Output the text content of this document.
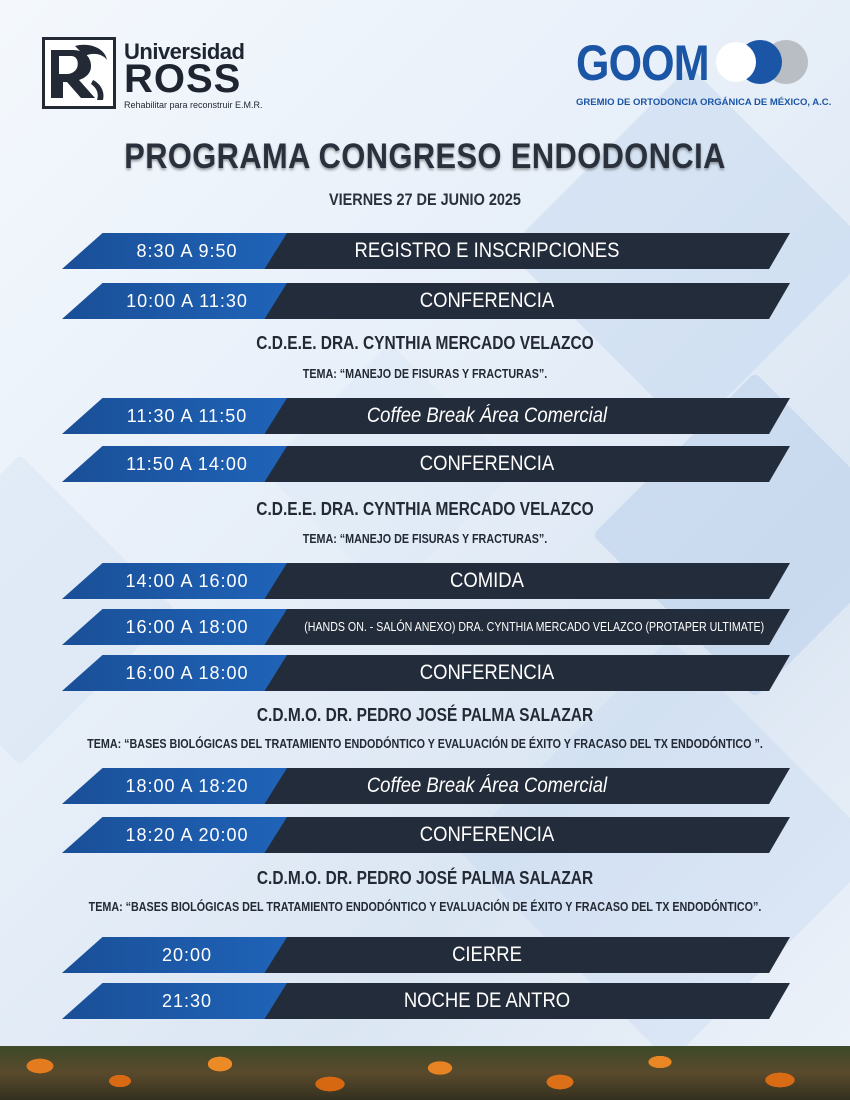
Universidad
ROSS
Rehabilitar para reconstruir E.M.R.
GOOM
GREMIO DE ORTODONCIA ORGÁNICA DE MÉXICO, A.C.
PROGRAMA CONGRESO ENDODONCIA
VIERNES 27 DE JUNIO 2025
8:30 A 9:50	REGISTRO E INSCRIPCIONES
10:00 A 11:30	CONFERENCIA
C.D.E.E. DRA. CYNTHIA MERCADO VELAZCO
TEMA: “MANEJO DE FISURAS Y FRACTURAS”.
11:30 A 11:50	Coffee Break Área Comercial
11:50 A 14:00	CONFERENCIA
C.D.E.E. DRA. CYNTHIA MERCADO VELAZCO
TEMA: “MANEJO DE FISURAS Y FRACTURAS”.
14:00 A 16:00	COMIDA
16:00 A 18:00	(HANDS ON. - SALÓN ANEXO) DRA. CYNTHIA MERCADO VELAZCO (PROTAPER ULTIMATE)
16:00 A 18:00	CONFERENCIA
C.D.M.O. DR. PEDRO JOSÉ PALMA SALAZAR
TEMA: “BASES BIOLÓGICAS DEL TRATAMIENTO ENDODÓNTICO Y EVALUACIÓN DE ÉXITO Y FRACASO DEL TX ENDODÓNTICO ”.
18:00 A 18:20	Coffee Break Área Comercial
18:20 A 20:00	CONFERENCIA
C.D.M.O. DR. PEDRO JOSÉ PALMA SALAZAR
TEMA: “BASES BIOLÓGICAS DEL TRATAMIENTO ENDODÓNTICO Y EVALUACIÓN DE ÉXITO Y FRACASO DEL TX ENDODÓNTICO”.
20:00	CIERRE
21:30	NOCHE DE ANTRO
